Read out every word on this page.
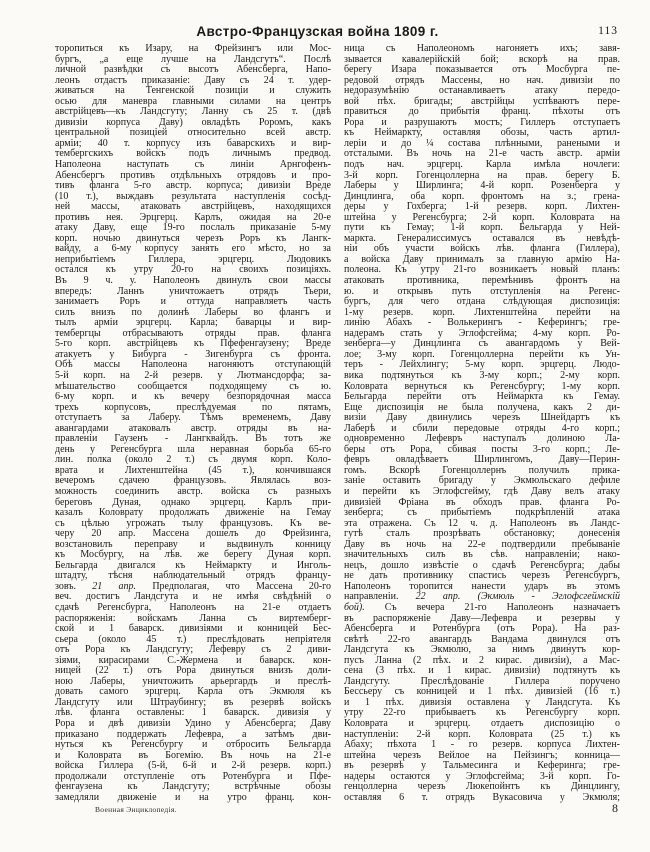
Австро-Французская война 1809 г.	113
торопиться къ Изару, на Фрейзингъ или Мос-
бургъ, „а еще лучше на Ландсгутъ“. Послѣ
личной развѣдки съ высотъ Абенсберга, Напо-
леонъ отдастъ приказаніе: Даву съ 24 т. удер-
живаться на Тенгенской позиціи и служить
осью для маневра главными силами на центръ
австрійцевъ—къ Ландсгуту; Ланну съ 25 т. (двѣ
дивизіи корпуса Даву) овладѣть Роромъ, какъ
центральной позиціей относительно всей австр.
арміи; 40 т. корпусу изъ баварскихъ и вир-
тембергскихъ войскъ подъ личнымъ предвод.
Наполеона наступать съ линіи Арнгофенъ-
Абенсбергъ противъ отдѣльныхъ отрядовъ и про-
тивъ фланга 5-го австр. корпуса; дивизіи Вреде
(10 т.), выждавъ результата наступленія сосѣд-
ней массы, атаковать австрійцевъ, находящихся
противъ нея. Эрцгерц. Карлъ, ожидая на 20-е
атаку Даву, еще 19-го послалъ приказаніе 5-му
корп. ночью двинуться черезъ Роръ къ Лангк-
вайду, а 6-му корпусу занять его мѣсто, но за
неприбытіемъ Гиллера, эрцгерц. Людовикъ
остался къ утру 20-го на своихъ позиціяхъ.
Въ 9 ч. у. Наполеонъ двинулъ свои массы
впередъ: Ланнъ уничтожаетъ отрядъ Тьери,
занимаетъ Роръ и оттуда направляетъ часть
силъ внизъ по долинѣ Лаберы во флангъ и
тылъ арміи эрцгерц. Карла; баварцы и вир-
тембергцы отбрасываютъ отряды прав. фланга
5-го корп. австрійцевъ къ Пфефенгаузену; Вреде
атакуетъ у Бибурга - Зигенбурга съ фронта.
Обѣ массы Наполеона нагоняютъ отступающій
5-й корп. на 2-й резерв. у Лютмансдорфа; за-
мѣшательство сообщается подходящему съ ю.
6-му корп. и къ вечеру безпорядочная масса
трехъ корпусовъ, преслѣдуемая по пятамъ,
отступаетъ за Лаберу. Тѣмъ временемъ, Даву
авангардами атаковалъ австр. отряды въ на-
правленіи Гаузенъ - Лангквайдъ. Въ тотъ же
день у Регенсбурга шла неравная борьба 65-го
лин. полка (около 2 т.) съ двумя корп. Коло-
врата и Лихтенштейна (45 т.), кончившаяся
вечеромъ сдачею французовъ. Являлась воз-
можность соединить австр. войска съ разныхъ
береговъ Дуная, однако эрцгерц. Карлъ при-
казалъ Коловрату продолжать движеніе на Гемау
съ цѣлью угрожать тылу французовъ. Къ ве-
черу 20 апр. Массена дошелъ до Фрейзинга,
возстановилъ переправу и выдвинулъ конницу
къ Мосбургу, на лѣв. же берегу Дуная корп.
Бельгарда двигался къ Неймаркту и Инголь-
штадту, тѣсня наблюдательный отрядъ францу-
зовъ. 21 апр. Предполагая, что Массена 20-го
веч. достигъ Ландсгута и не имѣя свѣдѣній о
сдачѣ Регенсбурга, Наполеонъ на 21-е отдаетъ
распоряженія: войскамъ Ланна съ виртемберг-
ской и 1 баварск. дивизіями и конницей Бес-
сьера (около 45 т.) преслѣдовать непріятеля
отъ Рора къ Ландсгуту; Лефевру съ 2 диви-
зіями, кирасирами С.-Жермена и баварск. кон-
ницей (22 т.) отъ Рора двинуться внизъ доли-
ною Лаберы, уничтожить арьергардъ и преслѣ-
довать самого эрцгерц. Карла отъ Экмюля къ
Ландсгуту или Штраубингу; въ резервѣ войскъ
лѣв. фланга оставлены: 1 баварск. дивизія у
Рора и двѣ дивизіи Удино у Абенсберга; Даву
приказано поддержать Лефевра, а затѣмъ дви-
нуться къ Регенсбургу и отбросить Бельгарда
и Коловрата въ Богемію. Въ ночь на 21-е
войска Гиллера (5-й, 6-й и 2-й резерв. корп.)
продолжали отступленіе отъ Ротенбурга и Пфе-
фенгаузена къ Ландсгуту; встрѣчные обозы
замедляли движеніе и на утро франц. кон-
ница съ Наполеономъ нагоняетъ ихъ; завя-
зывается кавалерійскій бой; вскорѣ на прав.
берегу Изара показывается отъ Мосбурга пе-
редовой отрядъ Массены, но нач. дивизіи по
недоразумѣнію останавливаетъ атаку передо-
вой пѣх. бригады; австрійцы успѣваютъ пере-
правиться до прибытія франц. пѣхоты отъ
Рора и разрушаютъ мостъ; Гиллеръ отступаетъ
къ Неймаркту, оставляя обозы, часть артил-
леріи и до ¼ состава плѣнными, ранеными и
отсталыми. Въ ночь на 21-е часть австр. арміи
подъ нач. эрцгерц. Карла имѣла ночлеги:
3-й корп. Гогенцоллерна на прав. берегу Б.
Лаберы у Ширлинга; 4-й корп. Розенберга у
Динцлинга, оба корп. фронтомъ на з.; грена-
деры у Гохберга; 1-й резерв. корп. Лихтен-
штейна у Регенсбурга; 2-й корп. Коловрата на
пути къ Гемау; 1-й корп. Бельгарда у Ней-
маркта. Генералиссимусъ оставался въ невѣдѣ-
ніи объ участи войскъ лѣв. фланга (Гиллера),
а войска Даву принималъ за главную армію На-
полеона. Къ утру 21-го возникаетъ новый планъ:
атаковать противника, перемѣнивъ фронтъ на
ю. и открывъ путь отступленія на Регенс-
бургъ, для чего отдана слѣдующая диспозиція:
1-му резерв. корп. Лихтенштейна перейти на
линію Абахъ - Волькерингъ - Кеферингъ; гре-
надерамъ стать у Эглофсгейма; 4-му корп. Ро-
зенберга—у Динцлинга съ авангардомъ у Вей-
лое; 3-му корп. Гогенцоллерна перейти къ Ун-
теръ - Лейхлингу; 5-му корп. эрцгерц. Людо-
вика подтянуться къ 3-му корп.; 2-му корп.
Коловрата вернуться къ Регенсбургу; 1-му корп.
Бельгарда перейти отъ Неймаркта къ Гемау.
Еще диспозиція не была получена, какъ 2 ди-
визіи Даву двинулись черезъ Шнейдартъ къ
Лаберѣ и сбили передовые отряды 4-го корп.;
одновременно Лефевръ наступалъ долиною Ла-
беры отъ Рора, сбивая посты 3-го корп.; Ле-
февръ овладѣваетъ Ширлингомъ, Даву—Перин-
гомъ. Вскорѣ Гогенцоллернъ получилъ прика-
заніе оставить бригаду у Экмюльскаго дефиле
и перейти къ Эглофсгейму, гдѣ Даву велъ атаку
дивизіей Фріана въ обходъ прав. фланга Ро-
зенберга; съ прибытіемъ подкрѣпленій атака
эта отражена. Съ 12 ч. д. Наполеонъ въ Ландс-
гутѣ сталъ прозрѣвать обстановку; донесенія
Даву въ ночь на 22-е подтвердили пребываніе
значительныхъ силъ въ сѣв. направленіи; нако-
нецъ, дошло извѣстіе о сдачѣ Регенсбурга; дабы
не дать противнику спастись черезъ Регенсбургъ,
Наполеонъ торопится нанести ударъ въ этомъ
направленіи. 22 апр. (Экмюль - Эглофсгеймскій
бой). Съ вечера 21-го Наполеонъ назначаетъ
въ распоряженіе Даву—Лефевра и резервы у
Абенсберга и Ротенбурга (отъ Рора). На раз-
свѣтѣ 22-го авангардъ Вандама двинулся отъ
Ландсгута къ Экмюлю, за нимъ двинутъ кор-
пусъ Ланна (2 пѣх. и 2 кирас. дивизіи), а Мас-
сена (3 пѣх. и 1 кирас. дивизіи) подтянутъ къ
Ландсгуту. Преслѣдованіе Гиллера поручено
Бессьеру съ конницей и 1 пѣх. дивизіей (16 т.)
и 1 пѣх. дивизія оставлена у Ландсгута. Къ
утру 22-го прибываетъ къ Регенсбургу корп.
Коловрата и эрцгерц. отдаетъ диспозицію о
наступленіи: 2-й корп. Коловрата (25 т.) къ
Абаху; пѣхота 1 - го резерв. корпуса Лихтен-
штейна черезъ Вейлое на Пейзингъ; конница—
въ резервѣ у Тальмесинга и Кеферинга; гре-
надеры остаются у Эглофсгейма; 3-й корп. Го-
генцоллерна черезъ Люкепойнтъ къ Динцлингу,
оставляя 6 т. отрядъ Вукасовича у Экмюля;
Военная Энциклопедія.	8
